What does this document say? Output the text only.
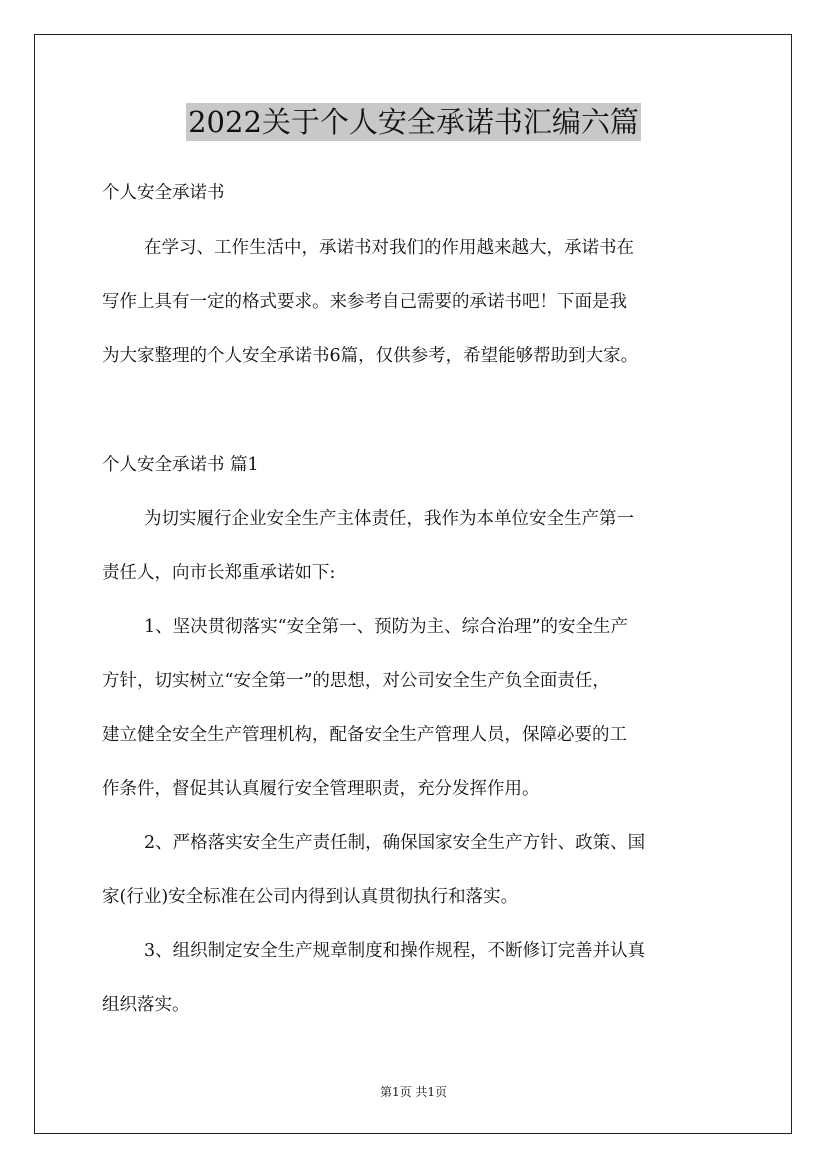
2022关于个人安全承诺书汇编六篇
个人安全承诺书
在学习、工作生活中，承诺书对我们的作用越来越大，承诺书在
写作上具有一定的格式要求。来参考自己需要的承诺书吧！下面是我
为大家整理的个人安全承诺书6篇，仅供参考，希望能够帮助到大家。
个人安全承诺书 篇1
为切实履行企业安全生产主体责任，我作为本单位安全生产第一
责任人，向市长郑重承诺如下:
1、坚决贯彻落实“安全第一、预防为主、综合治理”的安全生产
方针，切实树立“安全第一”的思想，对公司安全生产负全面责任，
建立健全安全生产管理机构，配备安全生产管理人员，保障必要的工
作条件，督促其认真履行安全管理职责，充分发挥作用。
2、严格落实安全生产责任制，确保国家安全生产方针、政策、国
家(行业)安全标准在公司内得到认真贯彻执行和落实。
3、组织制定安全生产规章制度和操作规程，不断修订完善并认真
组织落实。
第1页 共1页
